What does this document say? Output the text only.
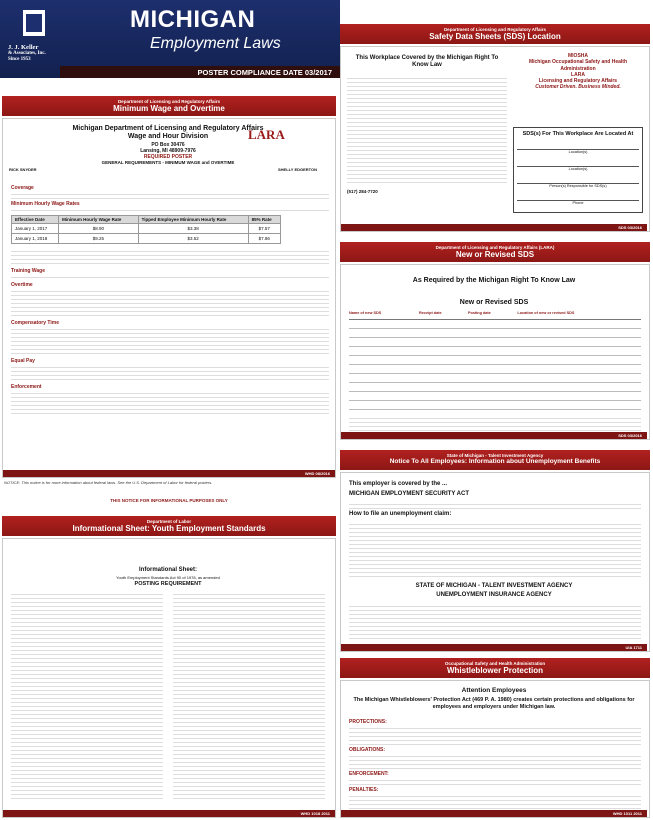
J. J. Keller
& Associates, Inc.
Since 1953
MICHIGAN
Employment Laws
POSTER COMPLIANCE DATE 03/2017
Department of Licensing and Regulatory Affairs
Minimum Wage and Overtime
Michigan Department of Licensing and Regulatory Affairs
Wage and Hour Division
PO Box 30476
Lansing, MI 48909-7976
REQUIRED POSTER
GENERAL REQUIREMENTS - MINIMUM WAGE and OVERTIME
LARA
RICK SNYDER	SHELLY EDGERTON
Coverage
Minimum Hourly Wage Rates
Effective Date	Minimum Hourly Wage Rate	Tipped Employee Minimum Hourly Rate	85% Rate
January 1, 2017	$8.90	$3.38	$7.57
January 1, 2018	$9.25	$3.52	$7.86
Training Wage
Overtime
Compensatory Time
Equal Pay
Enforcement
WHD 08/2016
NOTICE: This notice is for more information about federal laws. See the U.S. Department of Labor for federal posters.
THIS NOTICE FOR INFORMATIONAL PURPOSES ONLY
Department of Labor
Informational Sheet: Youth Employment Standards
Informational Sheet:
Youth Employment Standards Act 90 of 1978, as amended
POSTING REQUIREMENT
WHD 1018 2011
Department of Licensing and Regulatory Affairs
Safety Data Sheets (SDS) Location
This Workplace Covered by the Michigan Right To Know Law
(517) 284-7720
MIOSHA
Michigan Occupational Safety and Health Administration
LARA
Licensing and Regulatory Affairs
Customer Driven. Business Minded.
SDS(s) For This Workplace Are Located At
Location(s)
Location(s)
Person(s) Responsible for SDS(s)
Phone
SDS 03/2016
Department of Licensing and Regulatory Affairs (LARA)
New or Revised SDS
As Required by the Michigan Right To Know Law
New or Revised SDS
Name of new SDS	Receipt date	Posting date	Location of new or revised SDS
SDS 03/2016
State of Michigan - Talent Investment Agency
Notice To All Employees: Information about Unemployment Benefits
This employer is covered by the ...
MICHIGAN EMPLOYMENT SECURITY ACT
How to file an unemployment claim:
STATE OF MICHIGAN - TALENT INVESTMENT AGENCY
UNEMPLOYMENT INSURANCE AGENCY
UIA 1711
Occupational Safety and Health Administration
Whistleblower Protection
Attention Employees
The Michigan Whistleblowers' Protection Act (469 P. A. 1980) creates certain protections and obligations for employees and employers under Michigan law.
PROTECTIONS:
OBLIGATIONS:
ENFORCEMENT:
PENALTIES:
WHD 1011 2011
